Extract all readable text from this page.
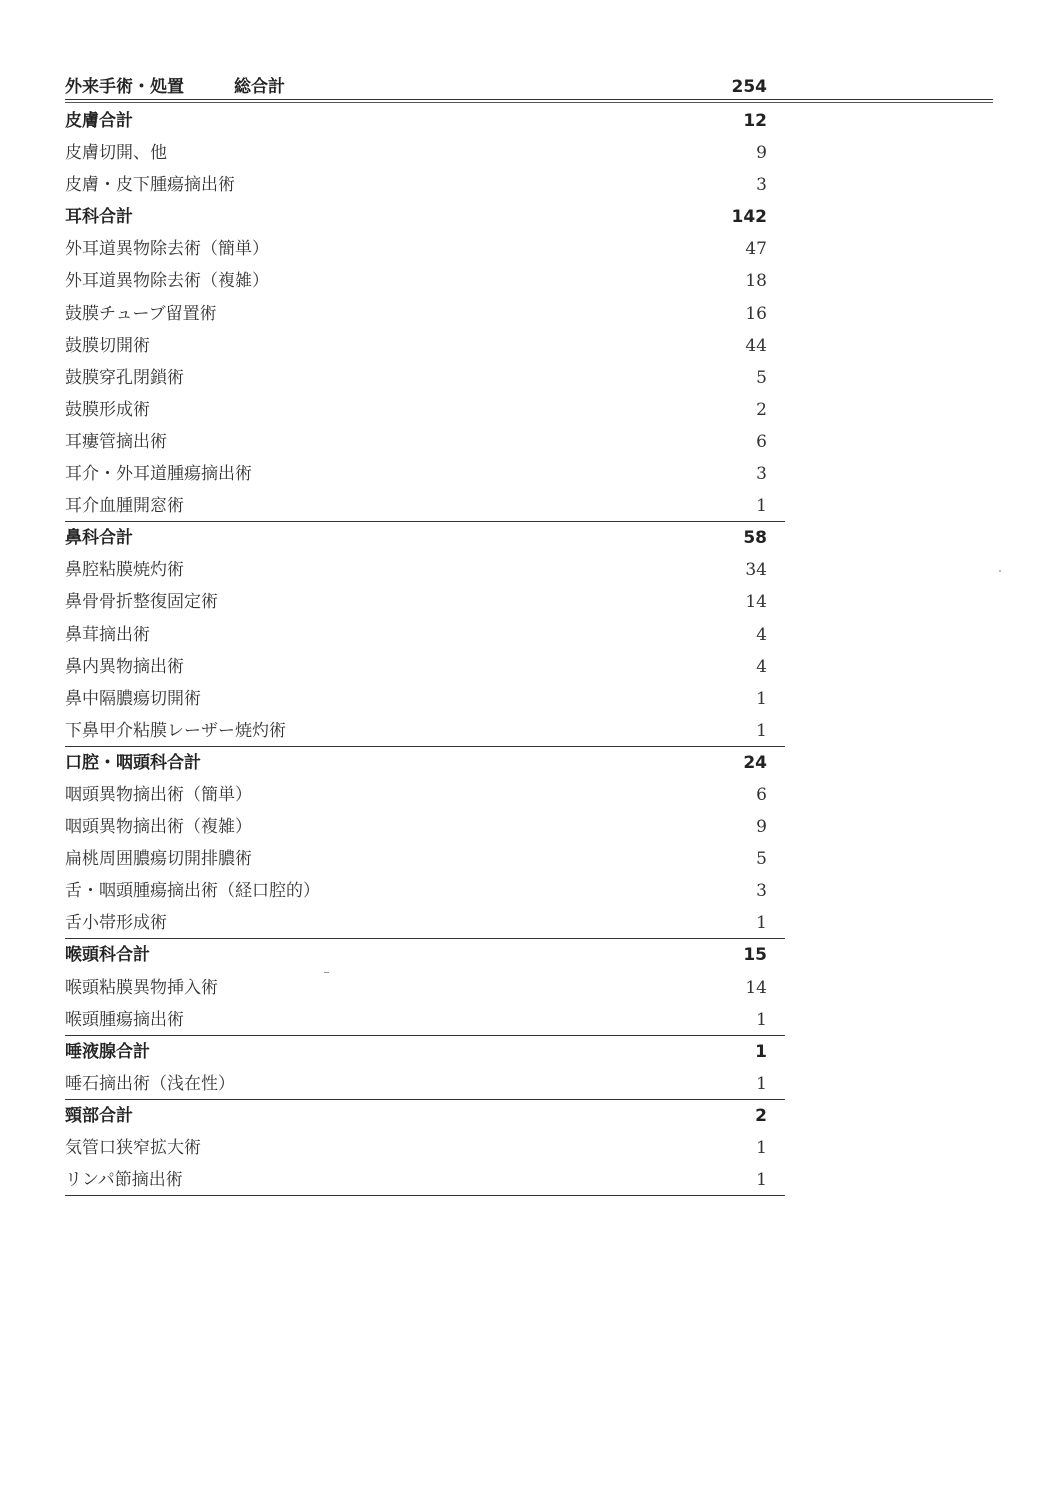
外来手術・処置	総合計	254
皮膚合計	12
皮膚切開、他	9
皮膚・皮下腫瘍摘出術	3
耳科合計	142
外耳道異物除去術（簡単）	47
外耳道異物除去術（複雑）	18
鼓膜チューブ留置術	16
鼓膜切開術	44
鼓膜穿孔閉鎖術	5
鼓膜形成術	2
耳瘻管摘出術	6
耳介・外耳道腫瘍摘出術	3
耳介血腫開窓術	1
鼻科合計	58
鼻腔粘膜焼灼術	34
鼻骨骨折整復固定術	14
鼻茸摘出術	4
鼻内異物摘出術	4
鼻中隔膿瘍切開術	1
下鼻甲介粘膜レーザー焼灼術	1
口腔・咽頭科合計	24
咽頭異物摘出術（簡単）	6
咽頭異物摘出術（複雑）	9
扁桃周囲膿瘍切開排膿術	5
舌・咽頭腫瘍摘出術（経口腔的）	3
舌小帯形成術	1
喉頭科合計	15
喉頭粘膜異物挿入術	14
喉頭腫瘍摘出術	1
唾液腺合計	1
唾石摘出術（浅在性）	1
頸部合計	2
気管口狭窄拡大術	1
リンパ節摘出術	1
